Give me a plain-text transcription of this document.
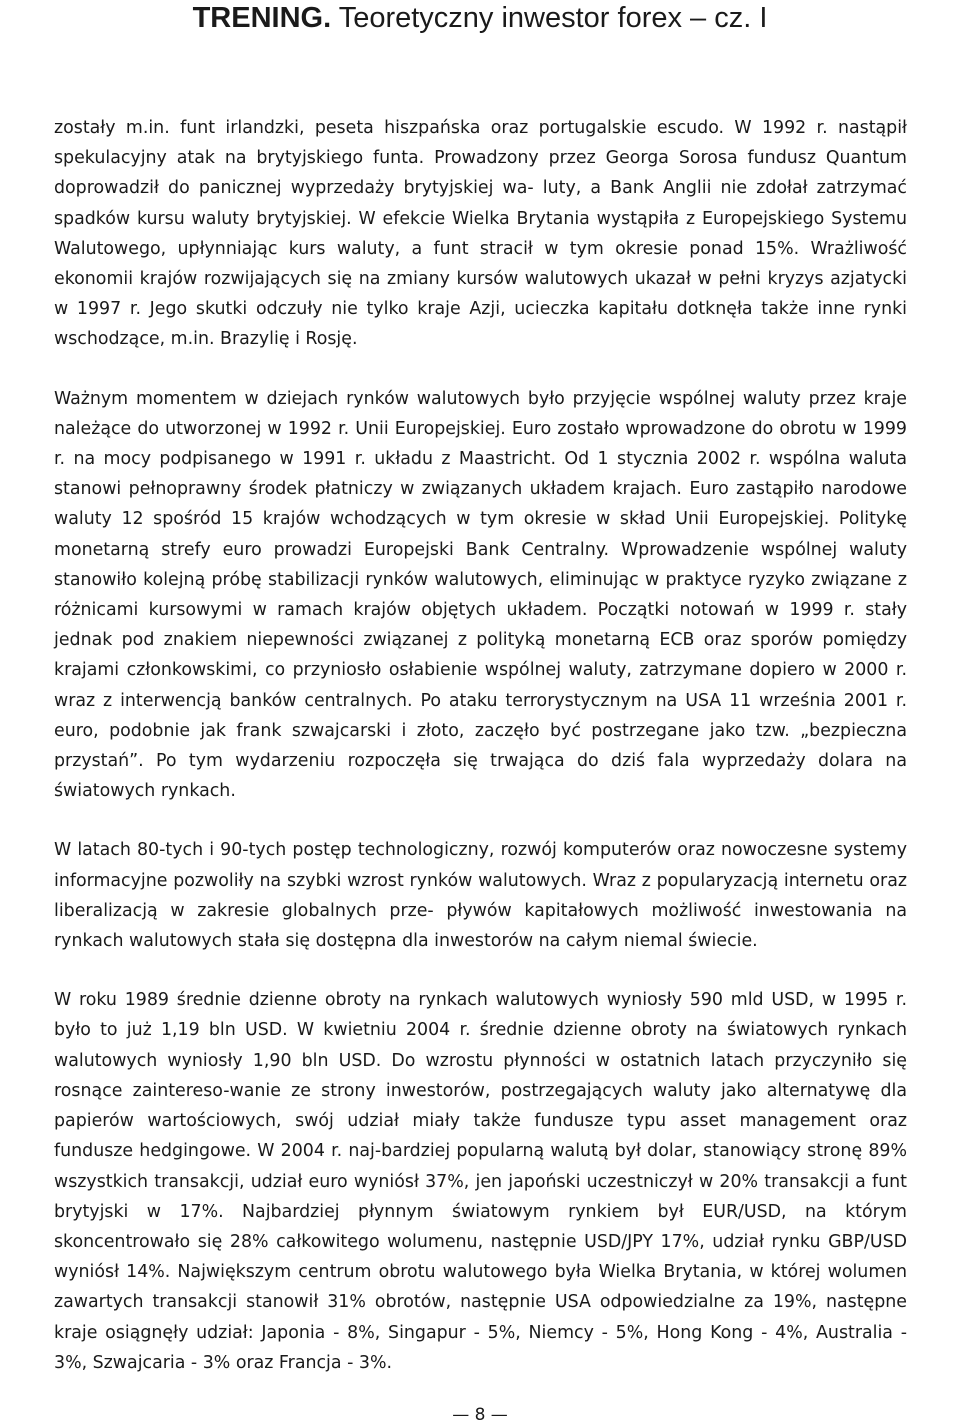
TRENING. Teoretyczny inwestor forex – cz. I

zostały m.in. funt irlandzki, peseta hiszpańska oraz portugalskie escudo. W 1992 r. nastąpił spekulacyjny atak na brytyjskiego funta. Prowadzony przez Georga Sorosa fundusz Quantum doprowadził do panicznej wyprzedaży brytyjskiej wa- luty, a Bank Anglii nie zdołał zatrzymać spadków kursu waluty brytyjskiej. W efekcie Wielka Brytania wystąpiła z Europejskiego Systemu Walutowego, upłynniając kurs waluty, a funt stracił w tym okresie ponad 15%. Wrażliwość ekonomii krajów rozwijających się na zmiany kursów walutowych ukazał w pełni kryzys azjatycki w 1997 r. Jego skutki odczuły nie tylko kraje Azji, ucieczka kapitału dotknęła także inne rynki wschodzące, m.in. Brazylię i Rosję.

Ważnym momentem w dziejach rynków walutowych było przyjęcie wspólnej waluty przez kraje należące do utworzonej w 1992 r. Unii Europejskiej. Euro zostało wprowadzone do obrotu w 1999 r. na mocy podpisanego w 1991 r. układu z Maastricht. Od 1 stycznia 2002 r. wspólna waluta stanowi pełnoprawny środek płatniczy w związanych układem krajach. Euro zastąpiło narodowe waluty 12 spośród 15 krajów wchodzących w tym okresie w skład Unii Europejskiej. Politykę monetarną strefy euro prowadzi Europejski Bank Centralny. Wprowadzenie wspólnej waluty stanowiło kolejną próbę stabilizacji rynków walutowych, eliminując w praktyce ryzyko związane z różnicami kursowymi w ramach krajów objętych układem. Początki notowań w 1999 r. stały jednak pod znakiem niepewności związanej z polityką monetarną ECB oraz sporów pomiędzy krajami członkowskimi, co przyniosło osłabienie wspólnej waluty, zatrzymane dopiero w 2000 r. wraz z interwencją banków centralnych. Po ataku terrorystycznym na USA 11 września 2001 r. euro, podobnie jak frank szwajcarski i złoto, zaczęło być postrzegane jako tzw. „bezpieczna przystań”. Po tym wydarzeniu rozpoczęła się trwająca do dziś fala wyprzedaży dolara na światowych rynkach.

W latach 80-tych i 90-tych postęp technologiczny, rozwój komputerów oraz nowoczesne systemy informacyjne pozwoliły na szybki wzrost rynków walutowych. Wraz z popularyzacją internetu oraz liberalizacją w zakresie globalnych prze- pływów kapitałowych możliwość inwestowania na rynkach walutowych stała się dostępna dla inwestorów na całym niemal świecie.

W roku 1989 średnie dzienne obroty na rynkach walutowych wyniosły 590 mld USD, w 1995 r. było to już 1,19 bln USD. W kwietniu 2004 r. średnie dzienne obroty na światowych rynkach walutowych wyniosły 1,90 bln USD. Do wzrostu płynności w ostatnich latach przyczyniło się rosnące zaintereso-wanie ze strony inwestorów, postrzegających waluty jako alternatywę dla papierów wartościowych, swój udział miały także fundusze typu asset management oraz fundusze hedgingowe. W 2004 r. naj-bardziej popularną walutą był dolar, stanowiący stronę 89% wszystkich transakcji, udział euro wyniósł 37%, jen japoński uczestniczył w 20% transakcji a funt brytyjski w 17%. Najbardziej płynnym światowym rynkiem był EUR/USD, na którym skoncentrowało się 28% całkowitego wolumenu, następnie USD/JPY 17%, udział rynku GBP/USD wyniósł 14%. Największym centrum obrotu walutowego była Wielka Brytania, w której wolumen zawartych transakcji stanowił 31% obrotów, następnie USA odpowiedzialne za 19%, następne kraje osiągnęły udział: Japonia - 8%, Singapur - 5%, Niemcy - 5%, Hong Kong - 4%, Australia - 3%, Szwajcaria - 3% oraz Francja - 3%.

— 8 —
